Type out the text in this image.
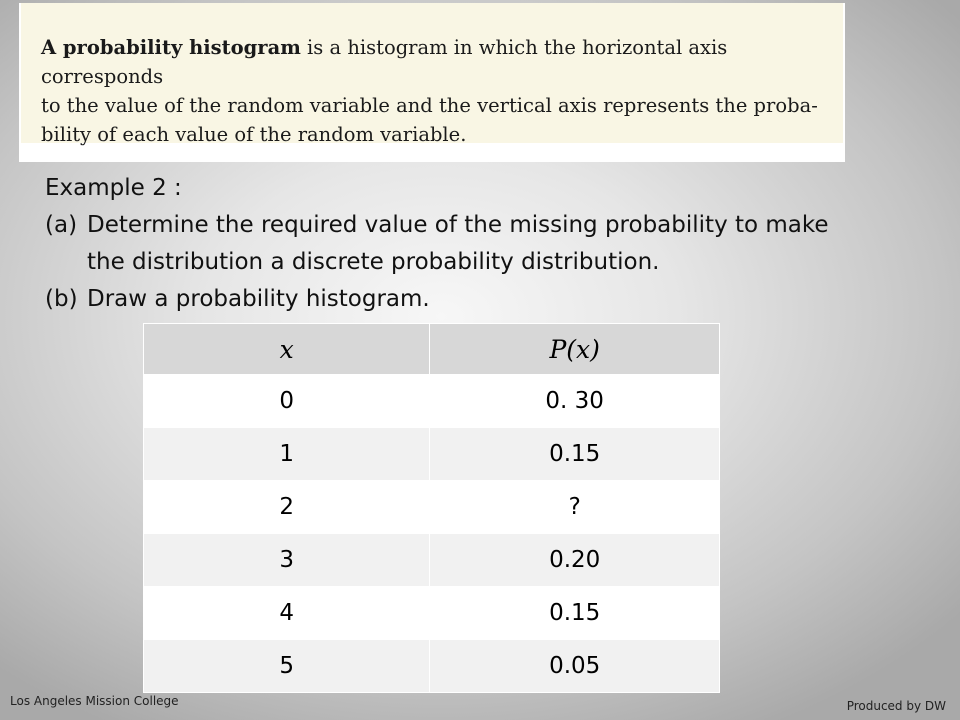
A probability histogram is a histogram in which the horizontal axis corresponds
to the value of the random variable and the vertical axis represents the proba-
bility of each value of the random variable.

Example 2 :

(a) Determine the required value of the missing probability to make

the distribution a discrete probability distribution.

(b) Draw a probability histogram.

x	P(x)
0	0. 30
1	0.15
2	?
3	0.20
4	0.15
5	0.05
Los Angeles Mission College	Produced by DW
